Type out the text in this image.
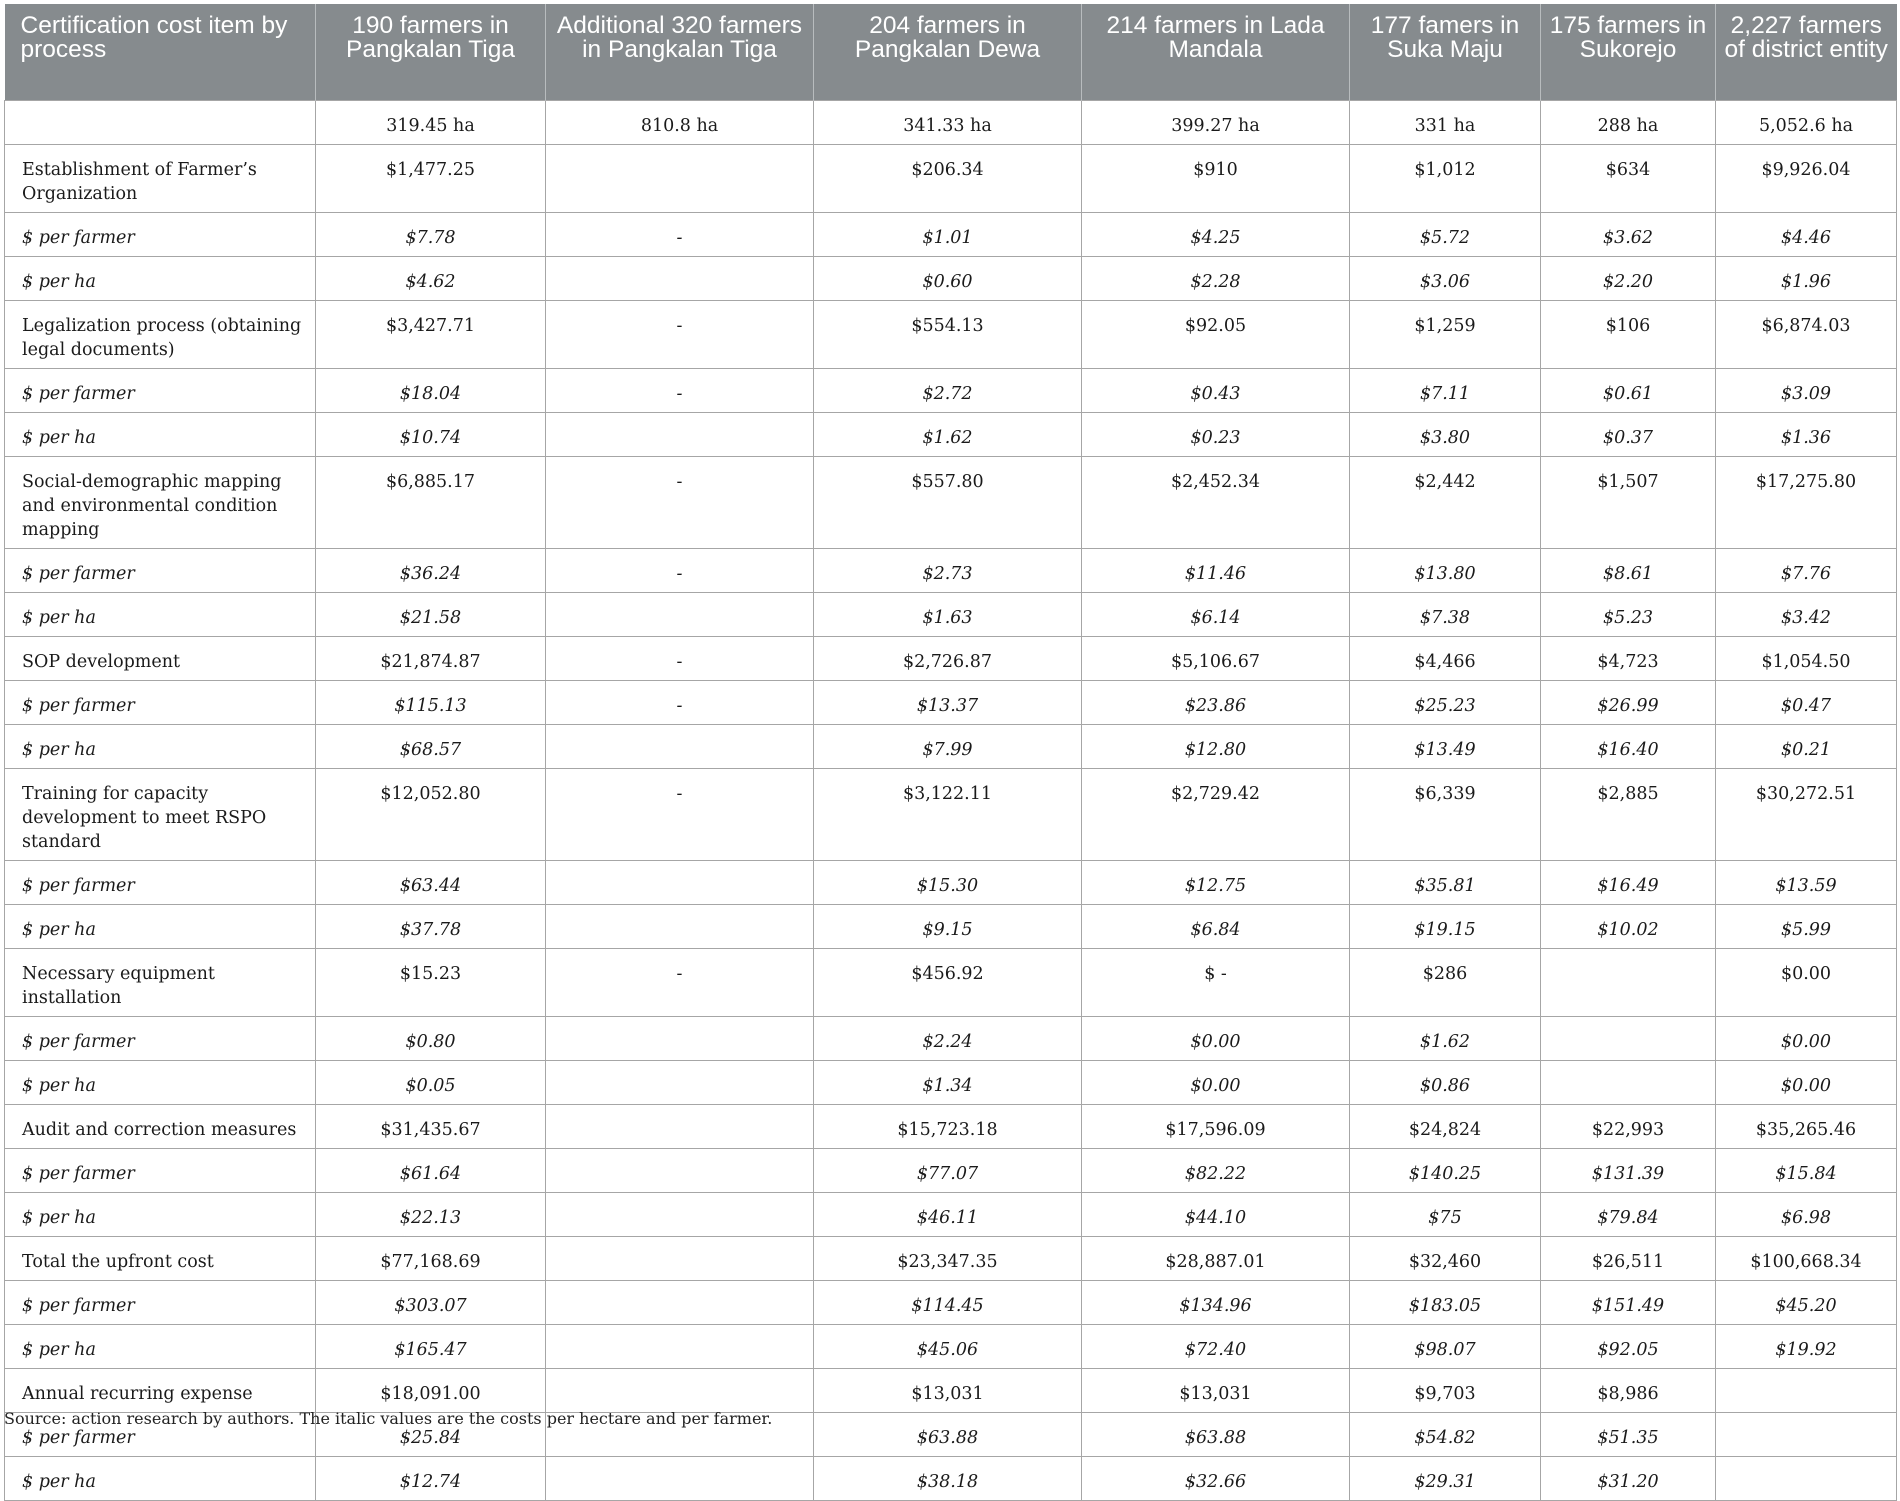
Certification cost item by process	190 farmers in Pangkalan Tiga	Additional 320 farmers in Pangkalan Tiga	204 farmers in Pangkalan Dewa	214 farmers in Lada Mandala	177 famers in Suka Maju	175 farmers in Sukorejo	2,227 farmers of district entity
	319.45 ha	810.8 ha	341.33 ha	399.27 ha	331 ha	288 ha	5,052.6 ha
Establishment of Farmer’s Organization	$1,477.25		$206.34	$910	$1,012	$634	$9,926.04
$ per farmer	$7.78	-	$1.01	$4.25	$5.72	$3.62	$4.46
$ per ha	$4.62		$0.60	$2.28	$3.06	$2.20	$1.96
Legalization process (obtaining legal documents)	$3,427.71	-	$554.13	$92.05	$1,259	$106	$6,874.03
$ per farmer	$18.04	-	$2.72	$0.43	$7.11	$0.61	$3.09
$ per ha	$10.74		$1.62	$0.23	$3.80	$0.37	$1.36
Social-demographic mapping and environmental condition mapping	$6,885.17	-	$557.80	$2,452.34	$2,442	$1,507	$17,275.80
$ per farmer	$36.24	-	$2.73	$11.46	$13.80	$8.61	$7.76
$ per ha	$21.58		$1.63	$6.14	$7.38	$5.23	$3.42
SOP development	$21,874.87	-	$2,726.87	$5,106.67	$4,466	$4,723	$1,054.50
$ per farmer	$115.13	-	$13.37	$23.86	$25.23	$26.99	$0.47
$ per ha	$68.57		$7.99	$12.80	$13.49	$16.40	$0.21
Training for capacity development to meet RSPO standard	$12,052.80	-	$3,122.11	$2,729.42	$6,339	$2,885	$30,272.51
$ per farmer	$63.44		$15.30	$12.75	$35.81	$16.49	$13.59
$ per ha	$37.78		$9.15	$6.84	$19.15	$10.02	$5.99
Necessary equipment installation	$15.23	-	$456.92	$ -	$286		$0.00
$ per farmer	$0.80		$2.24	$0.00	$1.62		$0.00
$ per ha	$0.05		$1.34	$0.00	$0.86		$0.00
Audit and correction measures	$31,435.67		$15,723.18	$17,596.09	$24,824	$22,993	$35,265.46
$ per farmer	$61.64		$77.07	$82.22	$140.25	$131.39	$15.84
$ per ha	$22.13		$46.11	$44.10	$75	$79.84	$6.98
Total the upfront cost	$77,168.69		$23,347.35	$28,887.01	$32,460	$26,511	$100,668.34
$ per farmer	$303.07		$114.45	$134.96	$183.05	$151.49	$45.20
$ per ha	$165.47		$45.06	$72.40	$98.07	$92.05	$19.92
Annual recurring expense	$18,091.00		$13,031	$13,031	$9,703	$8,986	
$ per farmer	$25.84		$63.88	$63.88	$54.82	$51.35	
$ per ha	$12.74		$38.18	$32.66	$29.31	$31.20	
Source: action research by authors. The italic values are the costs per hectare and per farmer.
